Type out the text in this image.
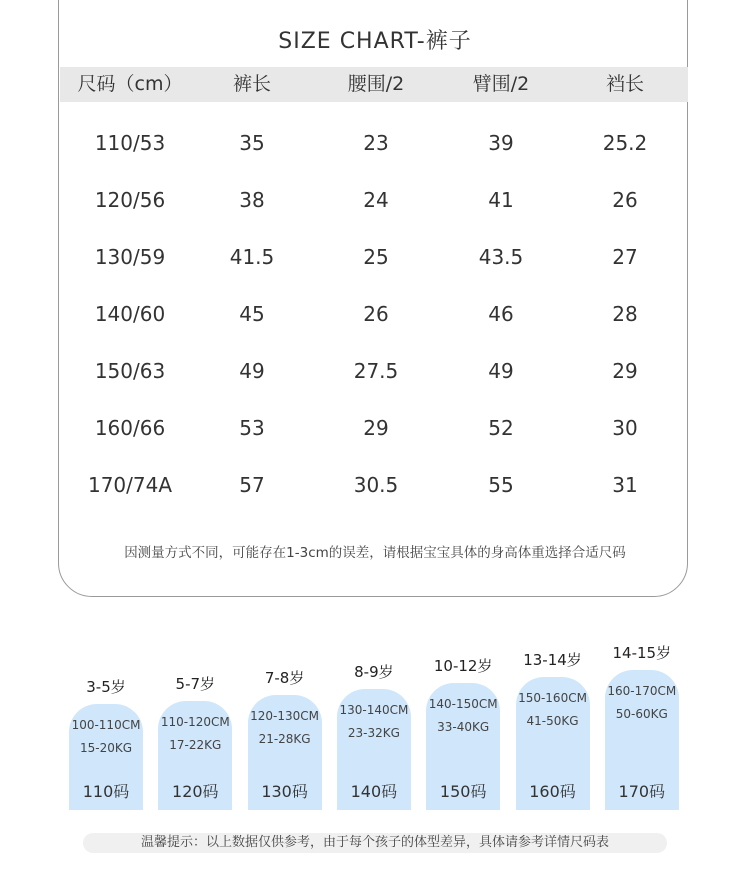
SIZE CHART-裤子
尺码（cm）	裤长	腰围/2	臂围/2	裆长
110/53	35	23	39	25.2
120/56	38	24	41	26
130/59	41.5	25	43.5	27
140/60	45	26	46	28
150/63	49	27.5	49	29
160/66	53	29	52	30
170/74A	57	30.5	55	31
因测量方式不同，可能存在1-3cm的误差，请根据宝宝具体的身高体重选择合适尺码
3-5岁
100-110CM
15-20KG
110码
5-7岁
110-120CM
17-22KG
120码
7-8岁
120-130CM
21-28KG
130码
8-9岁
130-140CM
23-32KG
140码
10-12岁
140-150CM
33-40KG
150码
13-14岁
150-160CM
41-50KG
160码
14-15岁
160-170CM
50-60KG
170码
温馨提示：以上数据仅供参考，由于每个孩子的体型差异，具体请参考详情尺码表
